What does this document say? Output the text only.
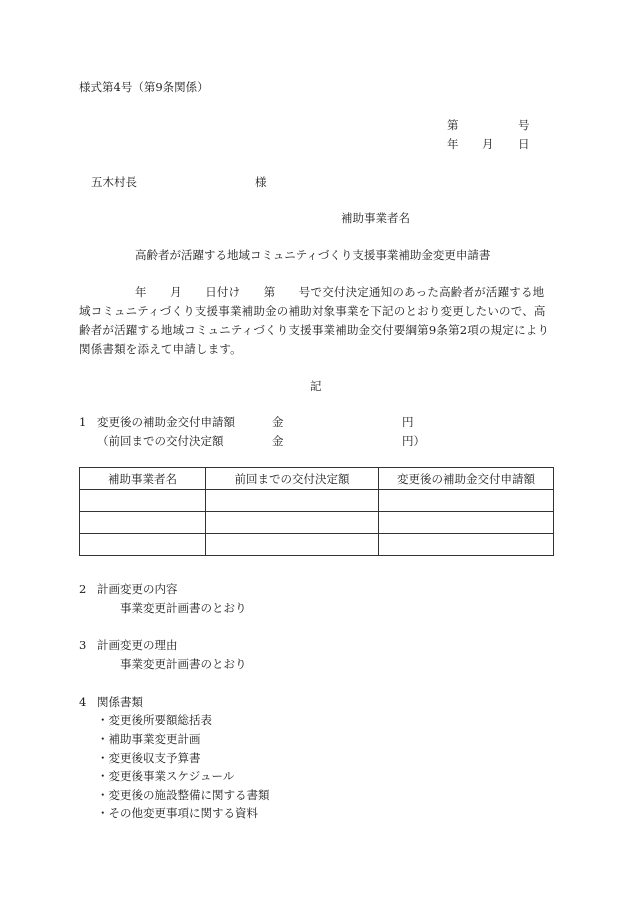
様式第4号（第9条関係）
第	号
年 月 日
五木村長	様
補助事業者名
高齢者が活躍する地域コミュニティづくり支援事業補助金変更申請書
年　　月　　日付け　　第　　号で交付決定通知のあった高齢者が活躍する地
域コミュニティづくり支援事業補助金の補助対象事業を下記のとおり変更したいので、高
齢者が活躍する地域コミュニティづくり支援事業補助金交付要綱第9条第2項の規定により
関係書類を添えて申請します。
記
1 変更後の補助金交付申請額	金	円
（前回までの交付決定額	金	円）
補助事業者名	前回までの交付決定額	変更後の補助金交付申請額

2 計画変更の内容
事業変更計画書のとおり
3 計画変更の理由
事業変更計画書のとおり
4 関係書類
・変更後所要額総括表
・補助事業変更計画
・変更後収支予算書
・変更後事業スケジュール
・変更後の施設整備に関する書類
・その他変更事項に関する資料
